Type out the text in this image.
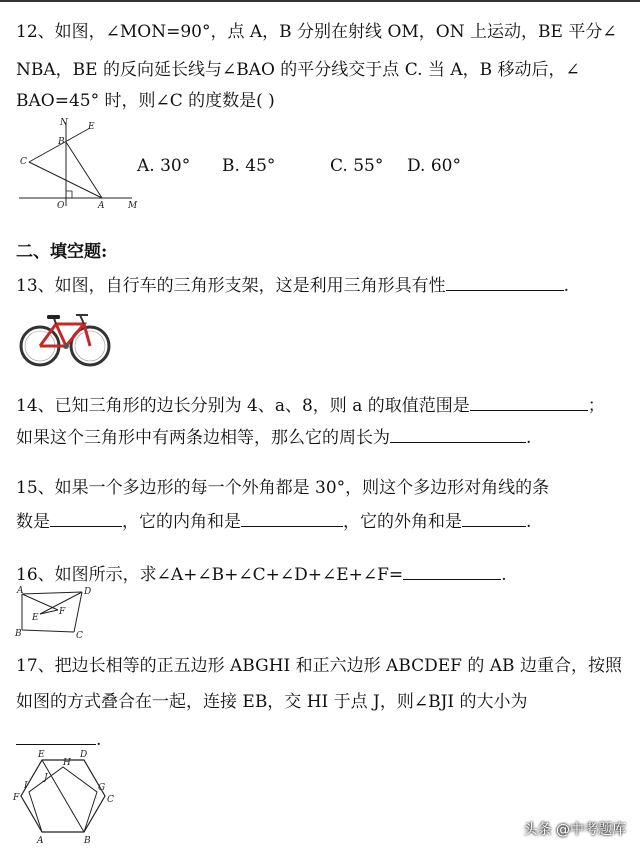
12、如图，∠MON=90°，点 A，B 分别在射线 OM，ON 上运动，BE 平分∠
NBA，BE 的反向延长线与∠BAO 的平分线交于点 C. 当 A，B 移动后，∠
BAO=45° 时，则∠C 的度数是( )
N E
B
C
O	A	M
A. 30° B. 45°	C. 55° D. 60°
二、填空题:
13、如图，自行车的三角形支架，这是利用三角形具有性	.
14、已知三角形的边长分别为 4、a、8，则 a 的取值范围是	；
如果这个三角形中有两条边相等，那么它的周长为	.
15、如果一个多边形的每一个外角都是 30°，则这个多边形对角线的条
数是	，它的内角和是	，它的外角和是	.
16、如图所示，求∠A+∠B+∠C+∠D+∠E+∠F=	.
A
B	C
D
E
F
17、把边长相等的正五边形 ABGHI 和正六边形 ABCDEF 的 AB 边重合，按照
如图的方式叠合在一起，连接 EB，交 HI 于点 J，则∠BJI 的大小为
.
E	D
H
I
J
F
G
C
A	B
头条 @中考题库
